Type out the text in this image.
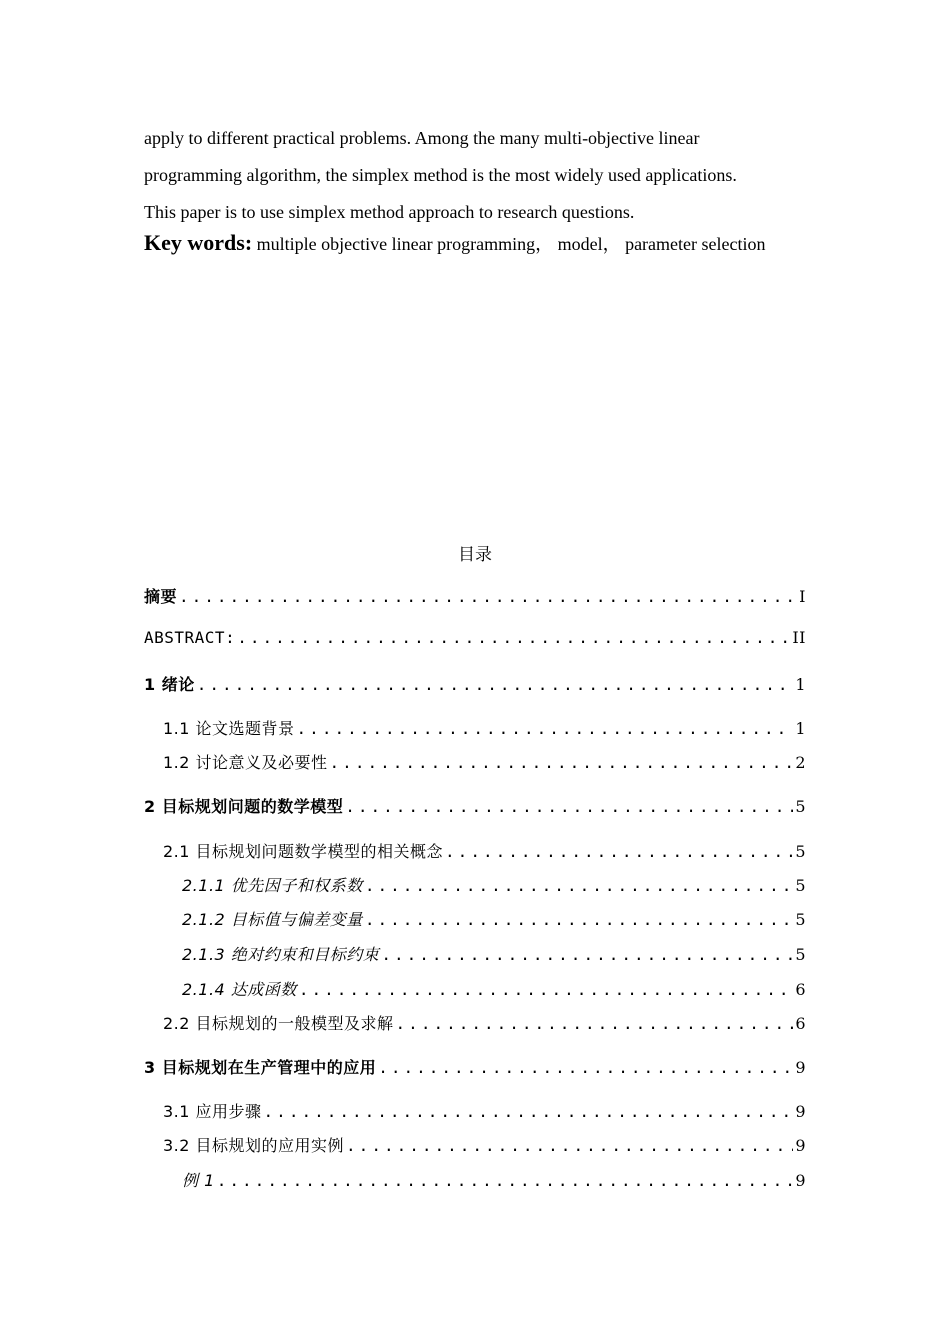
apply to different practical problems. Among the many multi-objective linear

programming algorithm, the simplex method is the most widely used applications.

This paper is to use simplex method approach to research questions.

Key words: multiple objective linear programming， model， parameter selection
目录
摘要 .....	I
ABSTRACT: .....	II
1 绪论 .....	1
1.1 论文选题背景 .....	1
1.2 讨论意义及必要性 .....	2
2 目标规划问题的数学模型 .....	5
2.1 目标规划问题数学模型的相关概念 .....	5
2.1.1 优先因子和权系数 .....	5
2.1.2 目标值与偏差变量 .....	5
2.1.3 绝对约束和目标约束 .....	5
2.1.4 达成函数 .....	6
2.2 目标规划的一般模型及求解 .....	6
3 目标规划在生产管理中的应用 .....	9
3.1 应用步骤 .....	9
3.2 目标规划的应用实例 .....	9
例 1 .....	9
